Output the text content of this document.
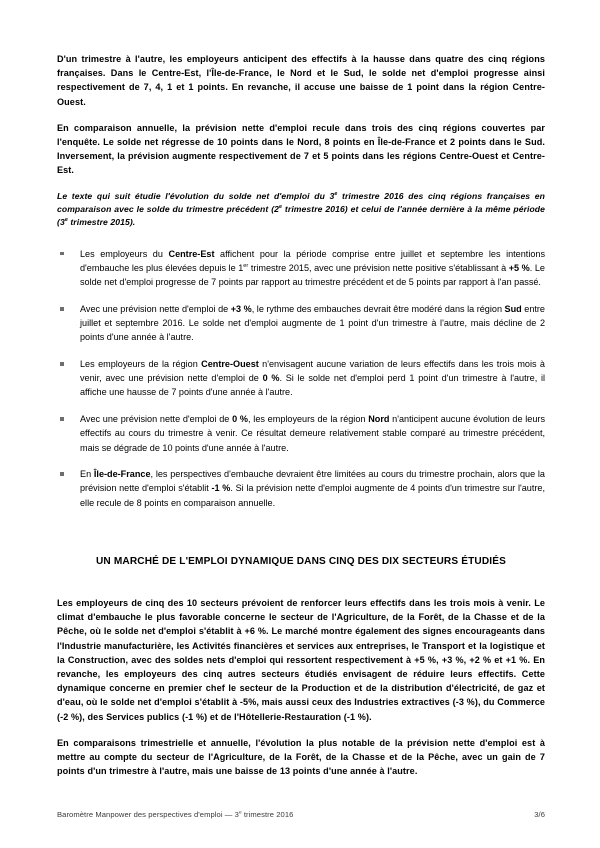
D'un trimestre à l'autre, les employeurs anticipent des effectifs à la hausse dans quatre des cinq régions françaises. Dans le Centre-Est, l'Île-de-France, le Nord et le Sud, le solde net d'emploi progresse ainsi respectivement de 7, 4, 1 et 1 points. En revanche, il accuse une baisse de 1 point dans la région Centre-Ouest.

En comparaison annuelle, la prévision nette d'emploi recule dans trois des cinq régions couvertes par l'enquête. Le solde net régresse de 10 points dans le Nord, 8 points en Île-de-France et 2 points dans le Sud. Inversement, la prévision augmente respectivement de 7 et 5 points dans les régions Centre-Ouest et Centre-Est.

Le texte qui suit étudie l'évolution du solde net d'emploi du 3e trimestre 2016 des cinq régions françaises en comparaison avec le solde du trimestre précédent (2e trimestre 2016) et celui de l'année dernière à la même période (3e trimestre 2015).

Les employeurs du Centre-Est affichent pour la période comprise entre juillet et septembre les intentions d'embauche les plus élevées depuis le 1er trimestre 2015, avec une prévision nette positive s'établissant à +5 %. Le solde net d'emploi progresse de 7 points par rapport au trimestre précédent et de 5 points par rapport à l'an passé.
Avec une prévision nette d'emploi de +3 %, le rythme des embauches devrait être modéré dans la région Sud entre juillet et septembre 2016. Le solde net d'emploi augmente de 1 point d'un trimestre à l'autre, mais décline de 2 points d'une année à l'autre.
Les employeurs de la région Centre-Ouest n'envisagent aucune variation de leurs effectifs dans les trois mois à venir, avec une prévision nette d'emploi de 0 %. Si le solde net d'emploi perd 1 point d'un trimestre à l'autre, il affiche une hausse de 7 points d'une année à l'autre.
Avec une prévision nette d'emploi de 0 %, les employeurs de la région Nord n'anticipent aucune évolution de leurs effectifs au cours du trimestre à venir. Ce résultat demeure relativement stable comparé au trimestre précédent, mais se dégrade de 10 points d'une année à l'autre.
En Île-de-France, les perspectives d'embauche devraient être limitées au cours du trimestre prochain, alors que la prévision nette d'emploi s'établit -1 %. Si la prévision nette d'emploi augmente de 4 points d'un trimestre sur l'autre, elle recule de 8 points en comparaison annuelle.
UN MARCHÉ DE L'EMPLOI DYNAMIQUE DANS CINQ DES DIX SECTEURS ÉTUDIÉS

Les employeurs de cinq des 10 secteurs prévoient de renforcer leurs effectifs dans les trois mois à venir. Le climat d'embauche le plus favorable concerne le secteur de l'Agriculture, de la Forêt, de la Chasse et de la Pêche, où le solde net d'emploi s'établit à +6 %. Le marché montre également des signes encourageants dans l'Industrie manufacturière, les Activités financières et services aux entreprises, le Transport et la logistique et la Construction, avec des soldes nets d'emploi qui ressortent respectivement à +5 %, +3 %, +2 % et +1 %. En revanche, les employeurs des cinq autres secteurs étudiés envisagent de réduire leurs effectifs. Cette dynamique concerne en premier chef le secteur de la Production et de la distribution d'électricité, de gaz et d'eau, où le solde net d'emploi s'établit à -5%, mais aussi ceux des Industries extractives (-3 %), du Commerce (-2 %), des Services publics (-1 %) et de l'Hôtellerie-Restauration (-1 %).

En comparaisons trimestrielle et annuelle, l'évolution la plus notable de la prévision nette d'emploi est à mettre au compte du secteur de l'Agriculture, de la Forêt, de la Chasse et de la Pêche, avec un gain de 7 points d'un trimestre à l'autre, mais une baisse de 13 points d'une année à l'autre.

Baromètre Manpower des perspectives d'emploi — 3e trimestre 2016	3/6
